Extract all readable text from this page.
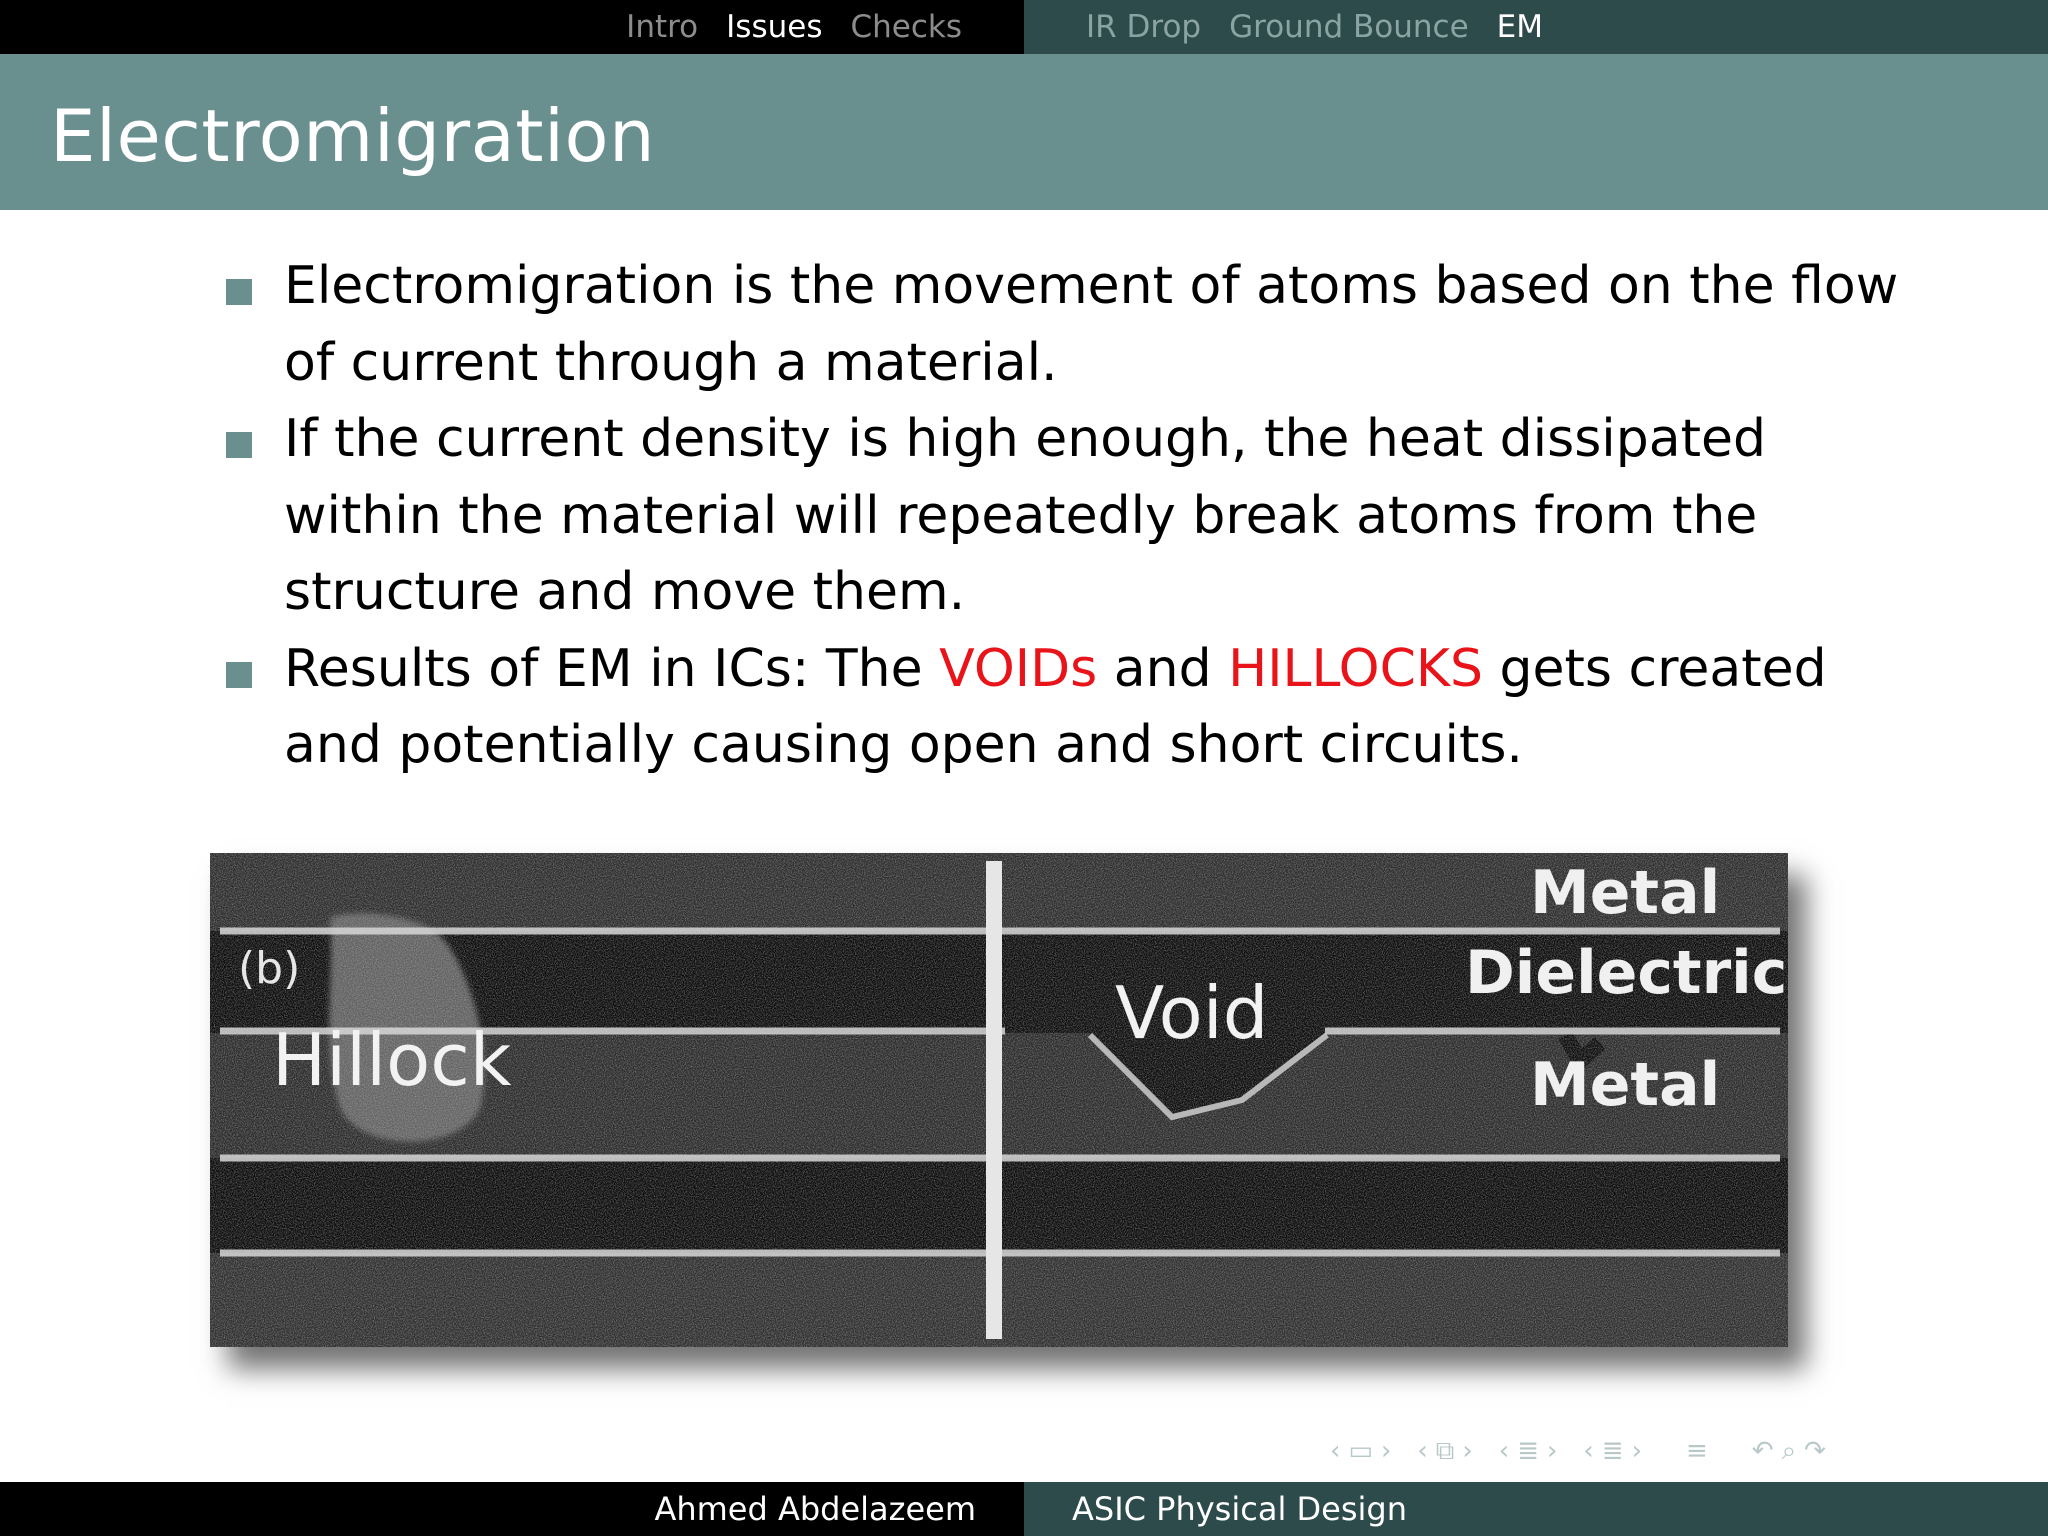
Intro Issues Checks	IR Drop Ground Bounce EM
Electromigration
Electromigration is the movement of atoms based on the flow of current through a material.
If the current density is high enough, the heat dissipated within the material will repeatedly break atoms from the structure and move them.
Results of EM in ICs: The VOIDs and HILLOCKS gets created and potentially causing open and short circuits.
(b)
Hillock
Void
Metal
Dielectric
Metal
‹ ▭ › ‹ ⧉ › ‹ ≣ › ‹ ≣ › ≡ ↶ ⌕ ↷
Ahmed Abdelazeem	ASIC Physical Design
